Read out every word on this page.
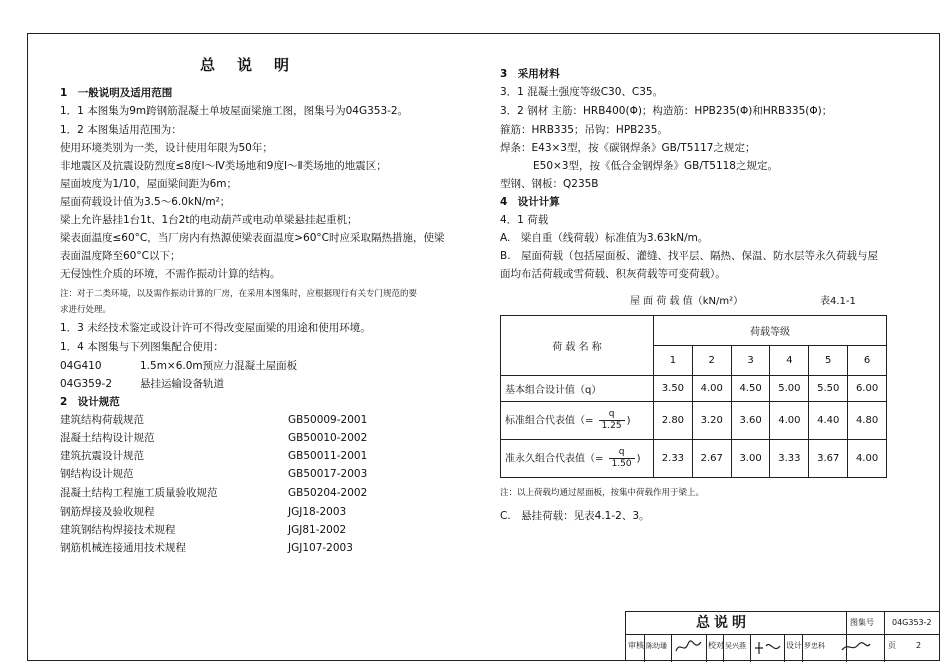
总说明
1　一般说明及适用范围
1．1 本图集为9m跨钢筋混凝土单坡屋面梁施工图，图集号为04G353-2。
1．2 本图集适用范围为：
使用环境类别为一类，设计使用年限为50年；
非地震区及抗震设防烈度≤8度Ⅰ～Ⅳ类场地和9度Ⅰ～Ⅱ类场地的地震区；
屋面坡度为1/10，屋面梁间距为6m；
屋面荷载设计值为3.5～6.0kN/m²；
梁上允许悬挂1台1t、1台2t的电动葫芦或电动单梁悬挂起重机；
梁表面温度≤60°C，当厂房内有热源使梁表面温度>60°C时应采取隔热措施，使梁
表面温度降至60°C以下；
无侵蚀性介质的环境，不需作振动计算的结构。
注：对于二类环境，以及需作振动计算的厂房，在采用本图集时，应根据现行有关专门规范的要
求进行处理。
1．3 未经技术鉴定或设计许可不得改变屋面梁的用途和使用环境。
1．4 本图集与下列图集配合使用：
04G410	1.5m×6.0m预应力混凝土屋面板
04G359-2	悬挂运输设备轨道
2　设计规范
建筑结构荷载规范	GB50009-2001
混凝土结构设计规范	GB50010-2002
建筑抗震设计规范	GB50011-2001
钢结构设计规范	GB50017-2003
混凝土结构工程施工质量验收规范	GB50204-2002
钢筋焊接及验收规程	JGJ18-2003
建筑钢结构焊接技术规程	JGJ81-2002
钢筋机械连接通用技术规程	JGJ107-2003
3　采用材料
3．1 混凝土强度等级C30、C35。
3．2 钢材 主筋：HRB400(Φ)；构造筋：HPB235(Φ)和HRB335(Φ)；
箍筋：HRB335；吊钩：HPB235。
焊条：E43×3型，按《碳钢焊条》GB/T5117之规定；
E50×3型，按《低合金钢焊条》GB/T5118之规定。
型钢、钢板：Q235B
4　设计计算
4．1 荷载
A.　梁自重（线荷载）标准值为3.63kN/m。
B.　屋面荷载（包括屋面板、灌缝、找平层、隔热、保温、防水层等永久荷载与屋
面均布活荷载或雪荷载、积灰荷载等可变荷载）。
屋 面 荷 载 值（kN/m²）	表4.1-1
荷 载 名 称	荷载等级					
	1	2	3	4	5	6
基本组合设计值（q）	3.50	4.00	4.50	5.00	5.50	6.00
标准组合代表值（= $\frac{q}{1.25}$ )	2.80	3.20	3.60	4.00	4.40	4.80
准永久组合代表值（= $\frac{q}{1.50}$ )	2.33	2.67	3.00	3.33	3.67	4.00
注：以上荷载均通过屋面板，按集中荷载作用于梁上。
C.　悬挂荷载：见表4.1-2、3。
总说明	图集号 04G353-2
审核 陈幼璠	校对 吴兴燕	设计 罗忠科	页	2
